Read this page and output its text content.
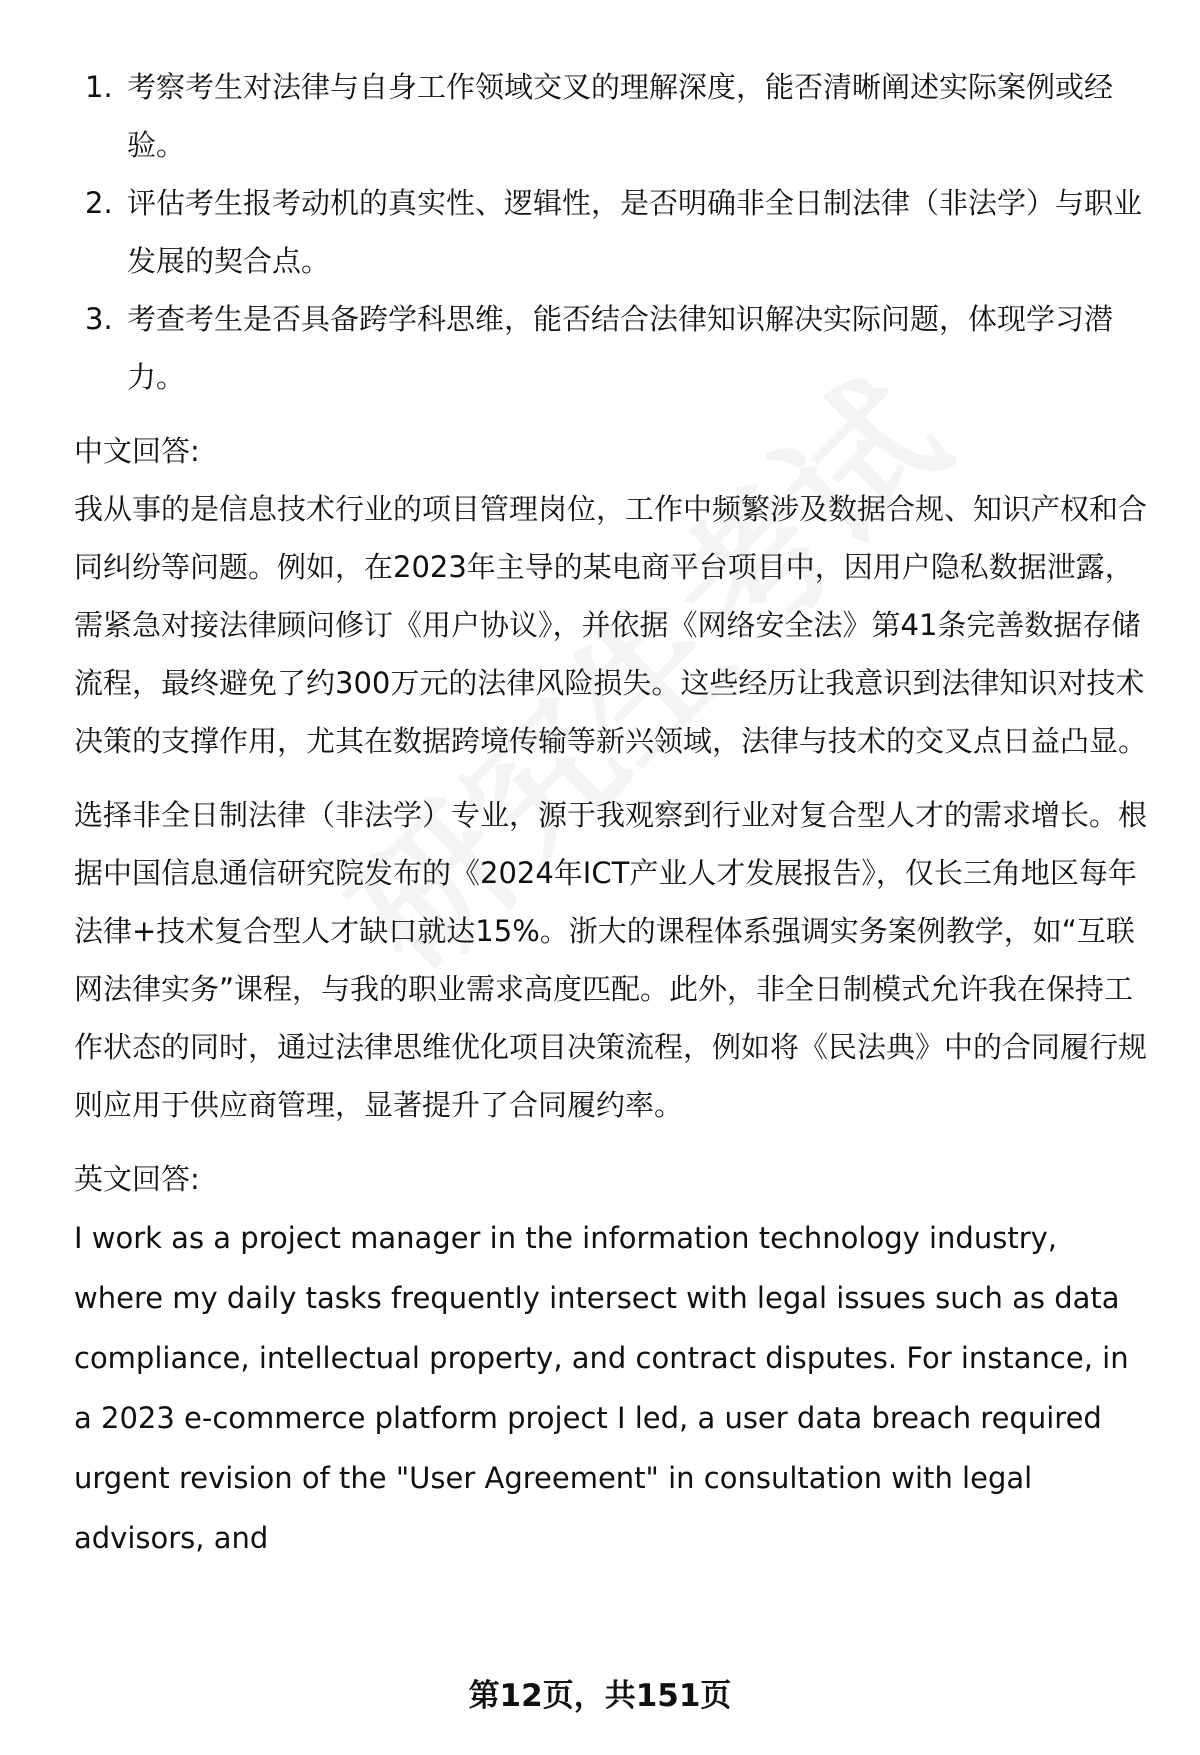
1. 考察考生对法律与自身工作领域交叉的理解深度，能否清晰阐述实际案例或经验。
2. 评估考生报考动机的真实性、逻辑性，是否明确非全日制法律（非法学）与职业发展的契合点。
3. 考查考生是否具备跨学科思维，能否结合法律知识解决实际问题，体现学习潜力。
中文回答:

我从事的是信息技术行业的项目管理岗位，工作中频繁涉及数据合规、知识产权和合同纠纷等问题。例如，在2023年主导的某电商平台项目中，因用户隐私数据泄露，需紧急对接法律顾问修订《用户协议》，并依据《网络安全法》第41条完善数据存储流程，最终避免了约300万元的法律风险损失。这些经历让我意识到法律知识对技术决策的支撑作用，尤其在数据跨境传输等新兴领域，法律与技术的交叉点日益凸显。

选择非全日制法律（非法学）专业，源于我观察到行业对复合型人才的需求增长。根据中国信息通信研究院发布的《2024年ICT产业人才发展报告》，仅长三角地区每年法律+技术复合型人才缺口就达15%。浙大的课程体系强调实务案例教学，如“互联网法律实务”课程，与我的职业需求高度匹配。此外，非全日制模式允许我在保持工作状态的同时，通过法律思维优化项目决策流程，例如将《民法典》中的合同履行规则应用于供应商管理，显著提升了合同履约率。

英文回答:

I work as a project manager in the information technology industry, where my daily tasks frequently intersect with legal issues such as data compliance, intellectual property, and contract disputes. For instance, in a 2023 e-commerce platform project I led, a user data breach required urgent revision of the "User Agreement" in consultation with legal advisors, and

第12页，共151页
